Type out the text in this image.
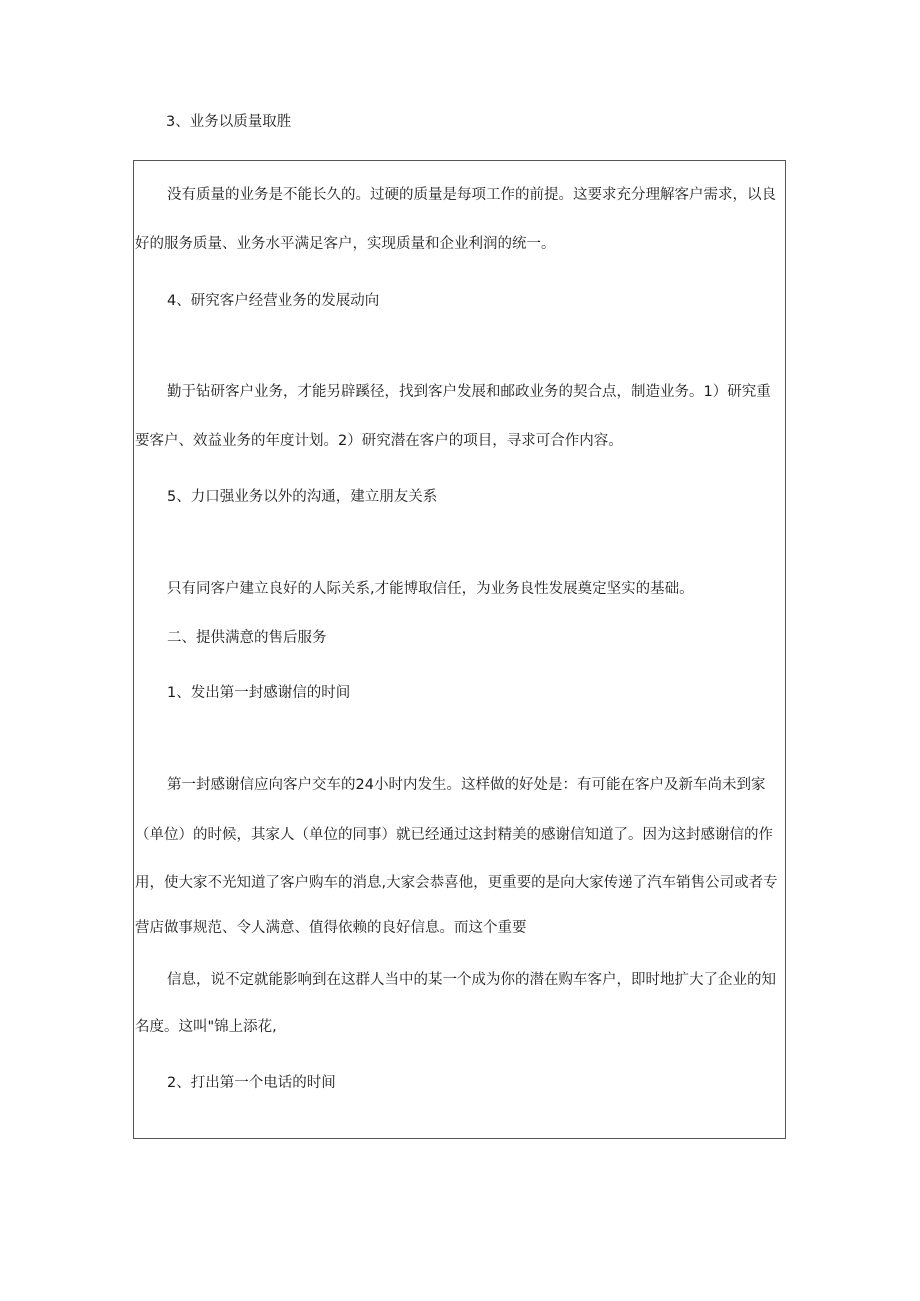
3、业务以质量取胜
没有质量的业务是不能长久的。过硬的质量是每项工作的前提。这要求充分理解客户需求，以良
好的服务质量、业务水平满足客户，实现质量和企业利润的统一。
4、研究客户经营业务的发展动向
勤于钻研客户业务，才能另辟蹊径，找到客户发展和邮政业务的契合点，制造业务。1）研究重
要客户、效益业务的年度计划。2）研究潜在客户的项目，寻求可合作内容。
5、力口强业务以外的沟通，建立朋友关系
只有同客户建立良好的人际关系,才能博取信任，为业务良性发展奠定坚实的基础。
二、提供满意的售后服务
1、发出第一封感谢信的时间
第一封感谢信应向客户交车的24小时内发生。这样做的好处是：有可能在客户及新车尚未到家
（单位）的时候，其家人（单位的同事）就已经通过这封精美的感谢信知道了。因为这封感谢信的作
用，使大家不光知道了客户购车的消息,大家会恭喜他，更重要的是向大家传递了汽车销售公司或者专
营店做事规范、令人满意、值得依赖的良好信息。而这个重要
信息，说不定就能影响到在这群人当中的某一个成为你的潜在购车客户，即时地扩大了企业的知
名度。这叫"锦上添花,
2、打出第一个电话的时间
